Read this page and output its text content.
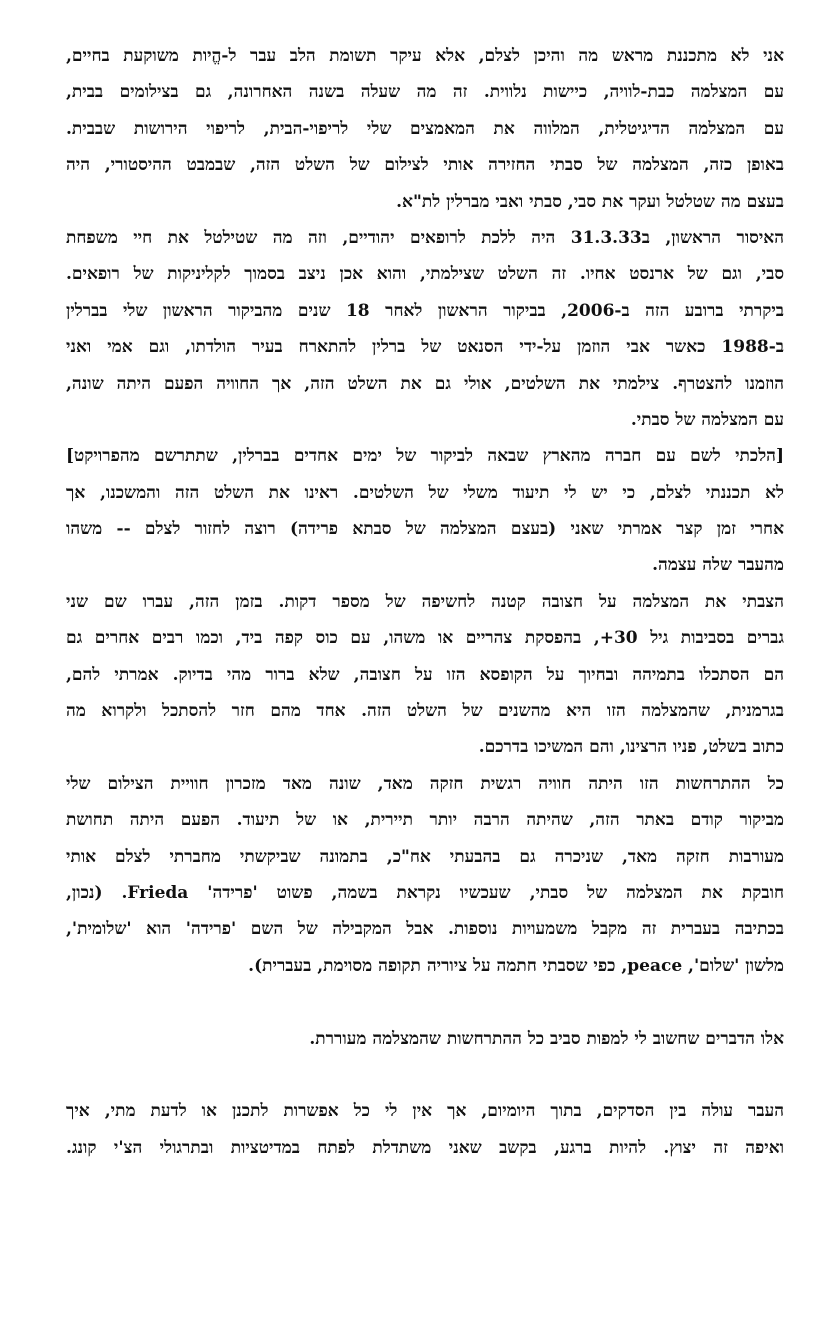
אני לא מתכננת מראש מה והיכן לצלם, אלא עיקר תשומת הלב עבר ל-הֱיות משוקעת בחיים,
עם המצלמה כבת-לוויה, כיישות נלווית. זה מה שעלה בשנה האחרונה, גם בצילומים בבית,
עם המצלמה הדיגיטלית, המלווה את המאמצים שלי לריפוי-הבית, לריפוי הירושות שבבית.
באופן כזה, המצלמה של סבתי החזירה אותי לצילום של השלט הזה, שבמבט ההיסטורי, היה
בעצם מה שטלטל ועקר את סבי, סבתי ואבי מברלין לת"א.
האיסור הראשון, ב31.3.33 היה ללכת לרופאים יהודיים, וזה מה שטילטל את חיי משפחת
סבי, וגם של ארנסט אחיו. זה השלט שצילמתי, והוא אכן ניצב בסמוך לקליניקות של רופאים.
ביקרתי ברובע הזה ב-2006, בביקור הראשון לאחר 18 שנים מהביקור הראשון שלי בברלין
ב-1988 כאשר אבי הוזמן על-ידי הסנאט של ברלין להתארח בעיר הולדתו, וגם אמי ואני
הוזמנו להצטרף. צילמתי את השלטים, אולי גם את השלט הזה, אך החוויה הפעם היתה שונה,
עם המצלמה של סבתי.
[הלכתי לשם עם חברה מהארץ שבאה לביקור של ימים אחדים בברלין, שתתרשם מהפרויקט]
לא תכננתי לצלם, כי יש לי תיעוד משלי של השלטים. ראינו את השלט הזה והמשכנו, אך
אחרי זמן קצר אמרתי שאני (בעצם המצלמה של סבתא פרידה) רוצה לחזור לצלם -- משהו
מהעבר שלה עצמה.
הצבתי את המצלמה על חצובה קטנה לחשיפה של מספר דקות. בזמן הזה, עברו שם שני
גברים בסביבות גיל 30+, בהפסקת צהריים או משהו, עם כוס קפה ביד, וכמו רבים אחרים גם
הם הסתכלו בתמיהה ובחיוך על הקופסא הזו על חצובה, שלא ברור מהי בדיוק. אמרתי להם,
בגרמנית, שהמצלמה הזו היא מהשנים של השלט הזה. אחד מהם חזר להסתכל ולקרוא מה
כתוב בשלט, פניו הרצינו, והם המשיכו בדרכם.
כל ההתרחשות הזו היתה חוויה רגשית חזקה מאד, שונה מאד מזכרון חוויית הצילום שלי
מביקור קודם באתר הזה, שהיתה הרבה יותר תיירית, או של תיעוד. הפעם היתה תחושת
מעורבות חזקה מאד, שניכרה גם בהבעתי אח"כ, בתמונה שביקשתי מחברתי לצלם אותי
חובקת את המצלמה של סבתי, שעכשיו נקראת בשמה, פשוט 'פרידה' Frieda. (נכון,
בכתיבה בעברית זה מקבל משמעויות נוספות. אבל המקבילה של השם 'פרידה' הוא 'שלומית',
מלשון 'שלום', peace, כפי שסבתי חתמה על ציוריה תקופה מסוימת, בעברית).
אלו הדברים שחשוב לי למפות סביב כל ההתרחשות שהמצלמה מעוררת.
העבר עולה בין הסדקים, בתוך היומיום, אך אין לי כל אפשרות לתכנן או לדעת מתי, איך
ואיפה זה יצוץ. להיות ברגע, בקשב שאני משתדלת לפתח במדיטציות ובתרגולי הצ'י קונג.
